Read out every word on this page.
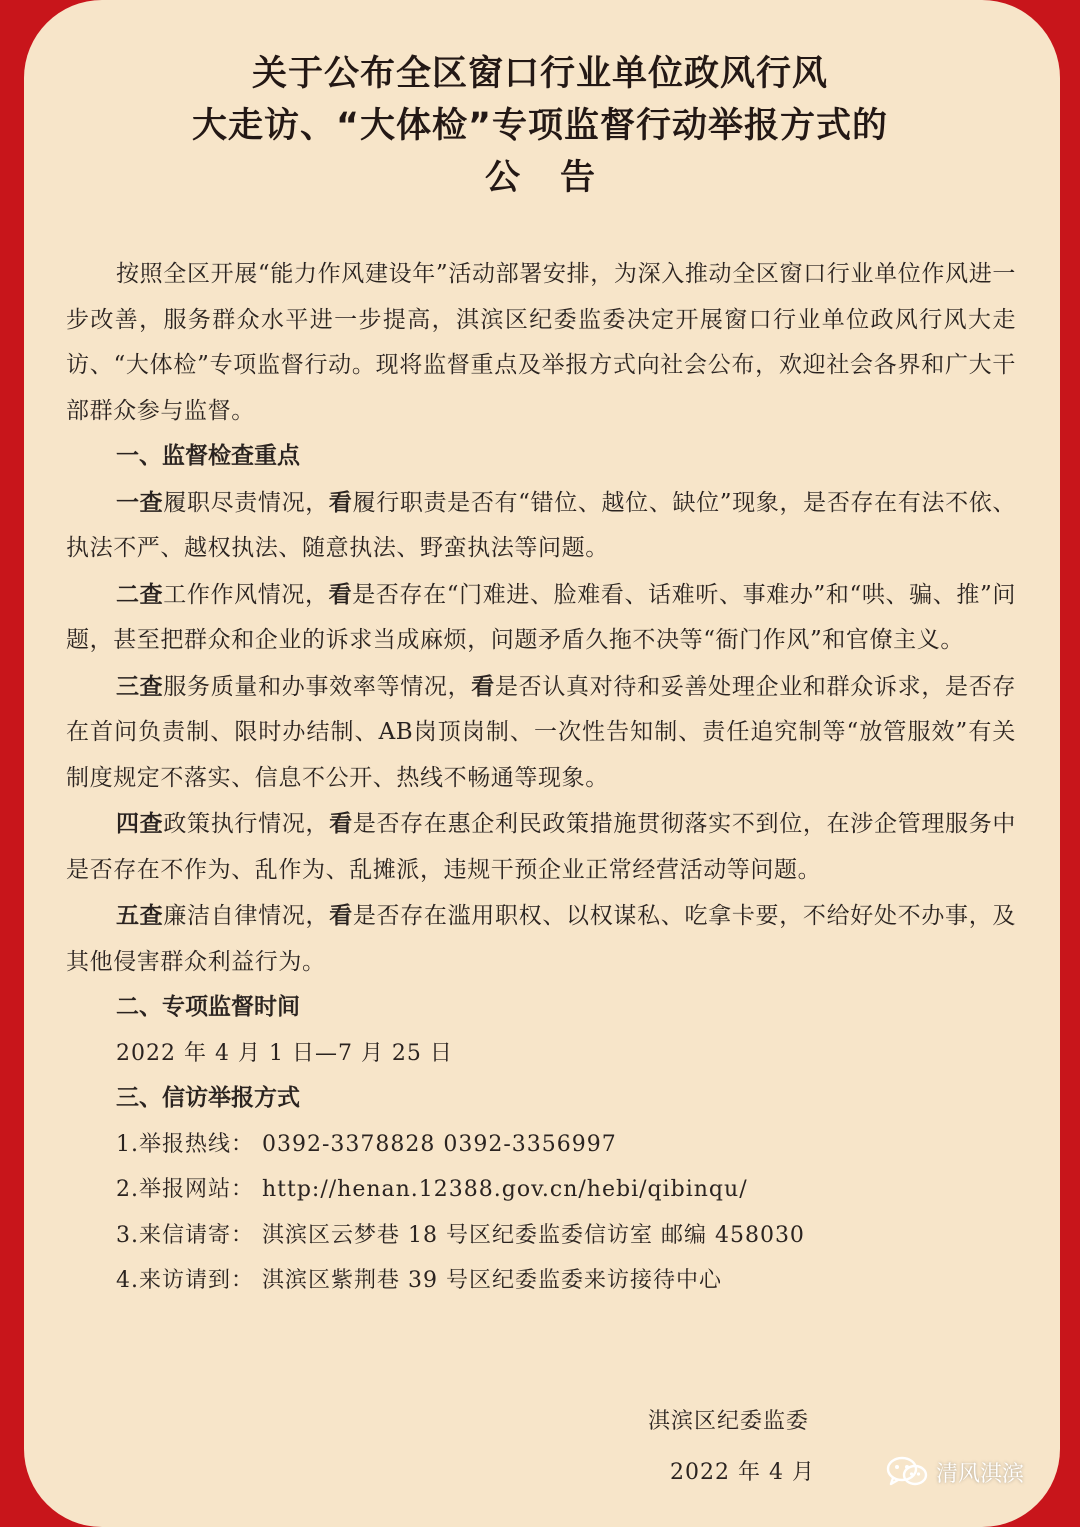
关于公布全区窗口行业单位政风行风
大走访、“大体检”专项监督行动举报方式的
公告

按照全区开展“能力作风建设年”活动部署安排，为深入推动全区窗口行业单位作风进一步改善，服务群众水平进一步提高，淇滨区纪委监委决定开展窗口行业单位政风行风大走访、“大体检”专项监督行动。现将监督重点及举报方式向社会公布，欢迎社会各界和广大干部群众参与监督。

一、监督检查重点

一查履职尽责情况，看履行职责是否有“错位、越位、缺位”现象，是否存在有法不依、执法不严、越权执法、随意执法、野蛮执法等问题。

二查工作作风情况，看是否存在“门难进、脸难看、话难听、事难办”和“哄、骗、推”问题，甚至把群众和企业的诉求当成麻烦，问题矛盾久拖不决等“衙门作风”和官僚主义。

三查服务质量和办事效率等情况，看是否认真对待和妥善处理企业和群众诉求，是否存在首问负责制、限时办结制、AB岗顶岗制、一次性告知制、责任追究制等“放管服效”有关制度规定不落实、信息不公开、热线不畅通等现象。

四查政策执行情况，看是否存在惠企利民政策措施贯彻落实不到位，在涉企管理服务中是否存在不作为、乱作为、乱摊派，违规干预企业正常经营活动等问题。

五查廉洁自律情况，看是否存在滥用职权、以权谋私、吃拿卡要，不给好处不办事，及其他侵害群众利益行为。

二、专项监督时间

2022 年 4 月 1 日—7 月 25 日

三、信访举报方式

1.举报热线： 0392-3378828 0392-3356997

2.举报网站： http://henan.12388.gov.cn/hebi/qibinqu/

3.来信请寄： 淇滨区云梦巷 18 号区纪委监委信访室 邮编 458030

4.来访请到： 淇滨区紫荆巷 39 号区纪委监委来访接待中心

淇滨区纪委监委
2022 年 4 月	清风淇滨
